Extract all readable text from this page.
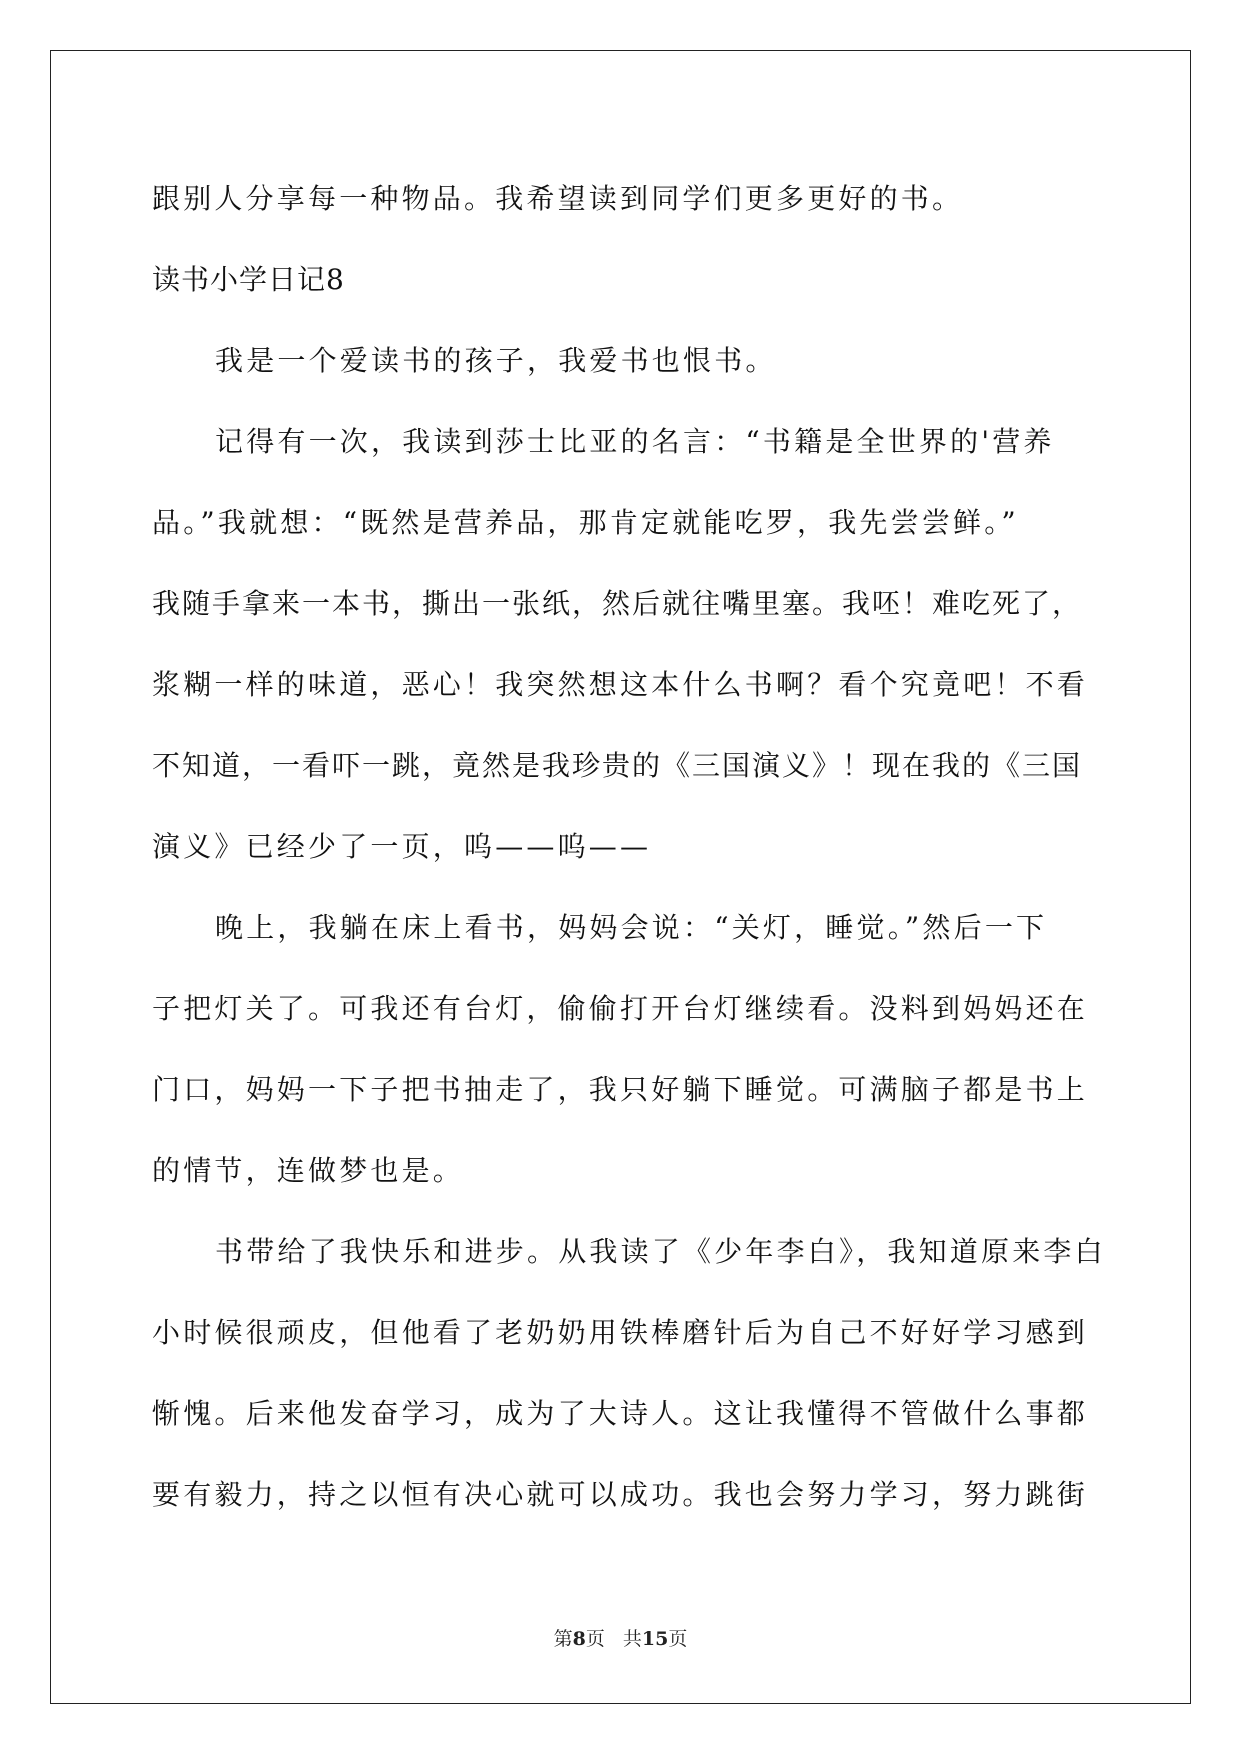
跟别人分享每一种物品。我希望读到同学们更多更好的书。
读书小学日记8
我是一个爱读书的孩子，我爱书也恨书。
记得有一次，我读到莎士比亚的名言：“书籍是全世界的'营养
品。”我就想：“既然是营养品，那肯定就能吃罗，我先尝尝鲜。”
我随手拿来一本书，撕出一张纸，然后就往嘴里塞。我呸！难吃死了，
浆糊一样的味道，恶心！我突然想这本什么书啊？看个究竟吧！不看
不知道，一看吓一跳，竟然是我珍贵的《三国演义》！现在我的《三国
演义》已经少了一页，呜——呜——
晚上，我躺在床上看书，妈妈会说：“关灯，睡觉。”然后一下
子把灯关了。可我还有台灯，偷偷打开台灯继续看。没料到妈妈还在
门口，妈妈一下子把书抽走了，我只好躺下睡觉。可满脑子都是书上
的情节，连做梦也是。
书带给了我快乐和进步。从我读了《少年李白》，我知道原来李白
小时候很顽皮，但他看了老奶奶用铁棒磨针后为自己不好好学习感到
惭愧。后来他发奋学习，成为了大诗人。这让我懂得不管做什么事都
要有毅力，持之以恒有决心就可以成功。我也会努力学习，努力跳街
第8页 共15页
